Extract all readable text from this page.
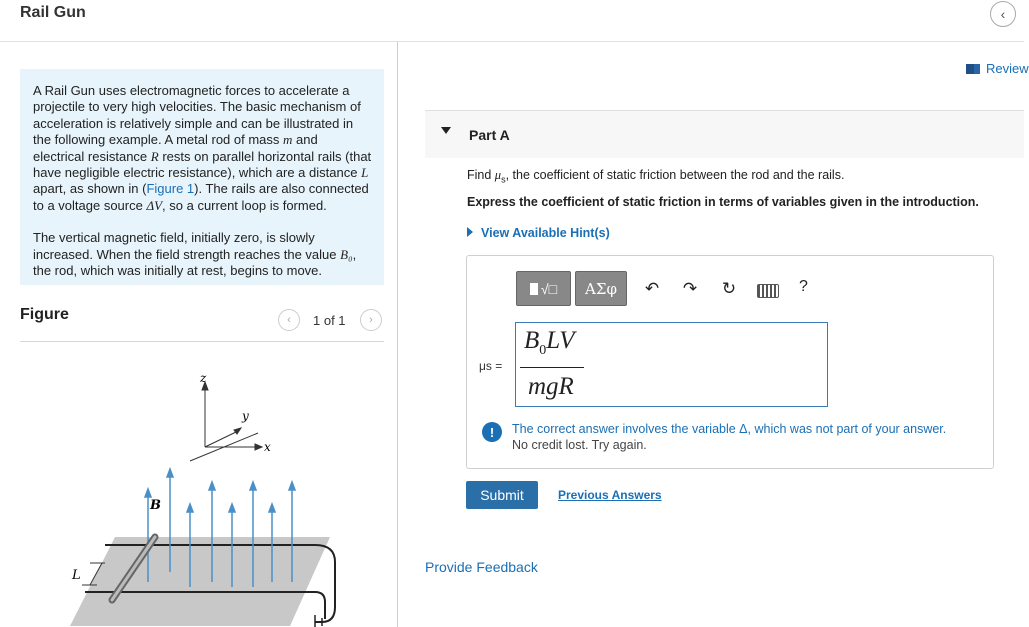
Rail Gun	‹

A Rail Gun uses electromagnetic forces to accelerate a projectile to very high velocities. The basic mechanism of acceleration is relatively simple and can be illustrated in the following example. A metal rod of mass m and electrical resistance R rests on parallel horizontal rails (that have negligible electric resistance), which are a distance L apart, as shown in (Figure 1). The rails are also connected to a voltage source ΔV, so a current loop is formed.

The vertical magnetic field, initially zero, is slowly increased. When the field strength reaches the value B₀, the rod, which was initially at rest, begins to move.

Figure	‹ 1 of 1 ›
z
y
x
B
L
Review
Part A
Find $\mu_s$, the coefficient of static friction between the rod and the rails.
Express the coefficient of static friction in terms of variables given in the introduction.
View Available Hint(s)
√□	ΑΣφ	↶ ↷ ↻	?
μs =
$B_0LV$
mgR
!	The correct answer involves the variable Δ, which was not part of your answer.
No credit lost. Try again.
Submit	Previous Answers
Provide Feedback
